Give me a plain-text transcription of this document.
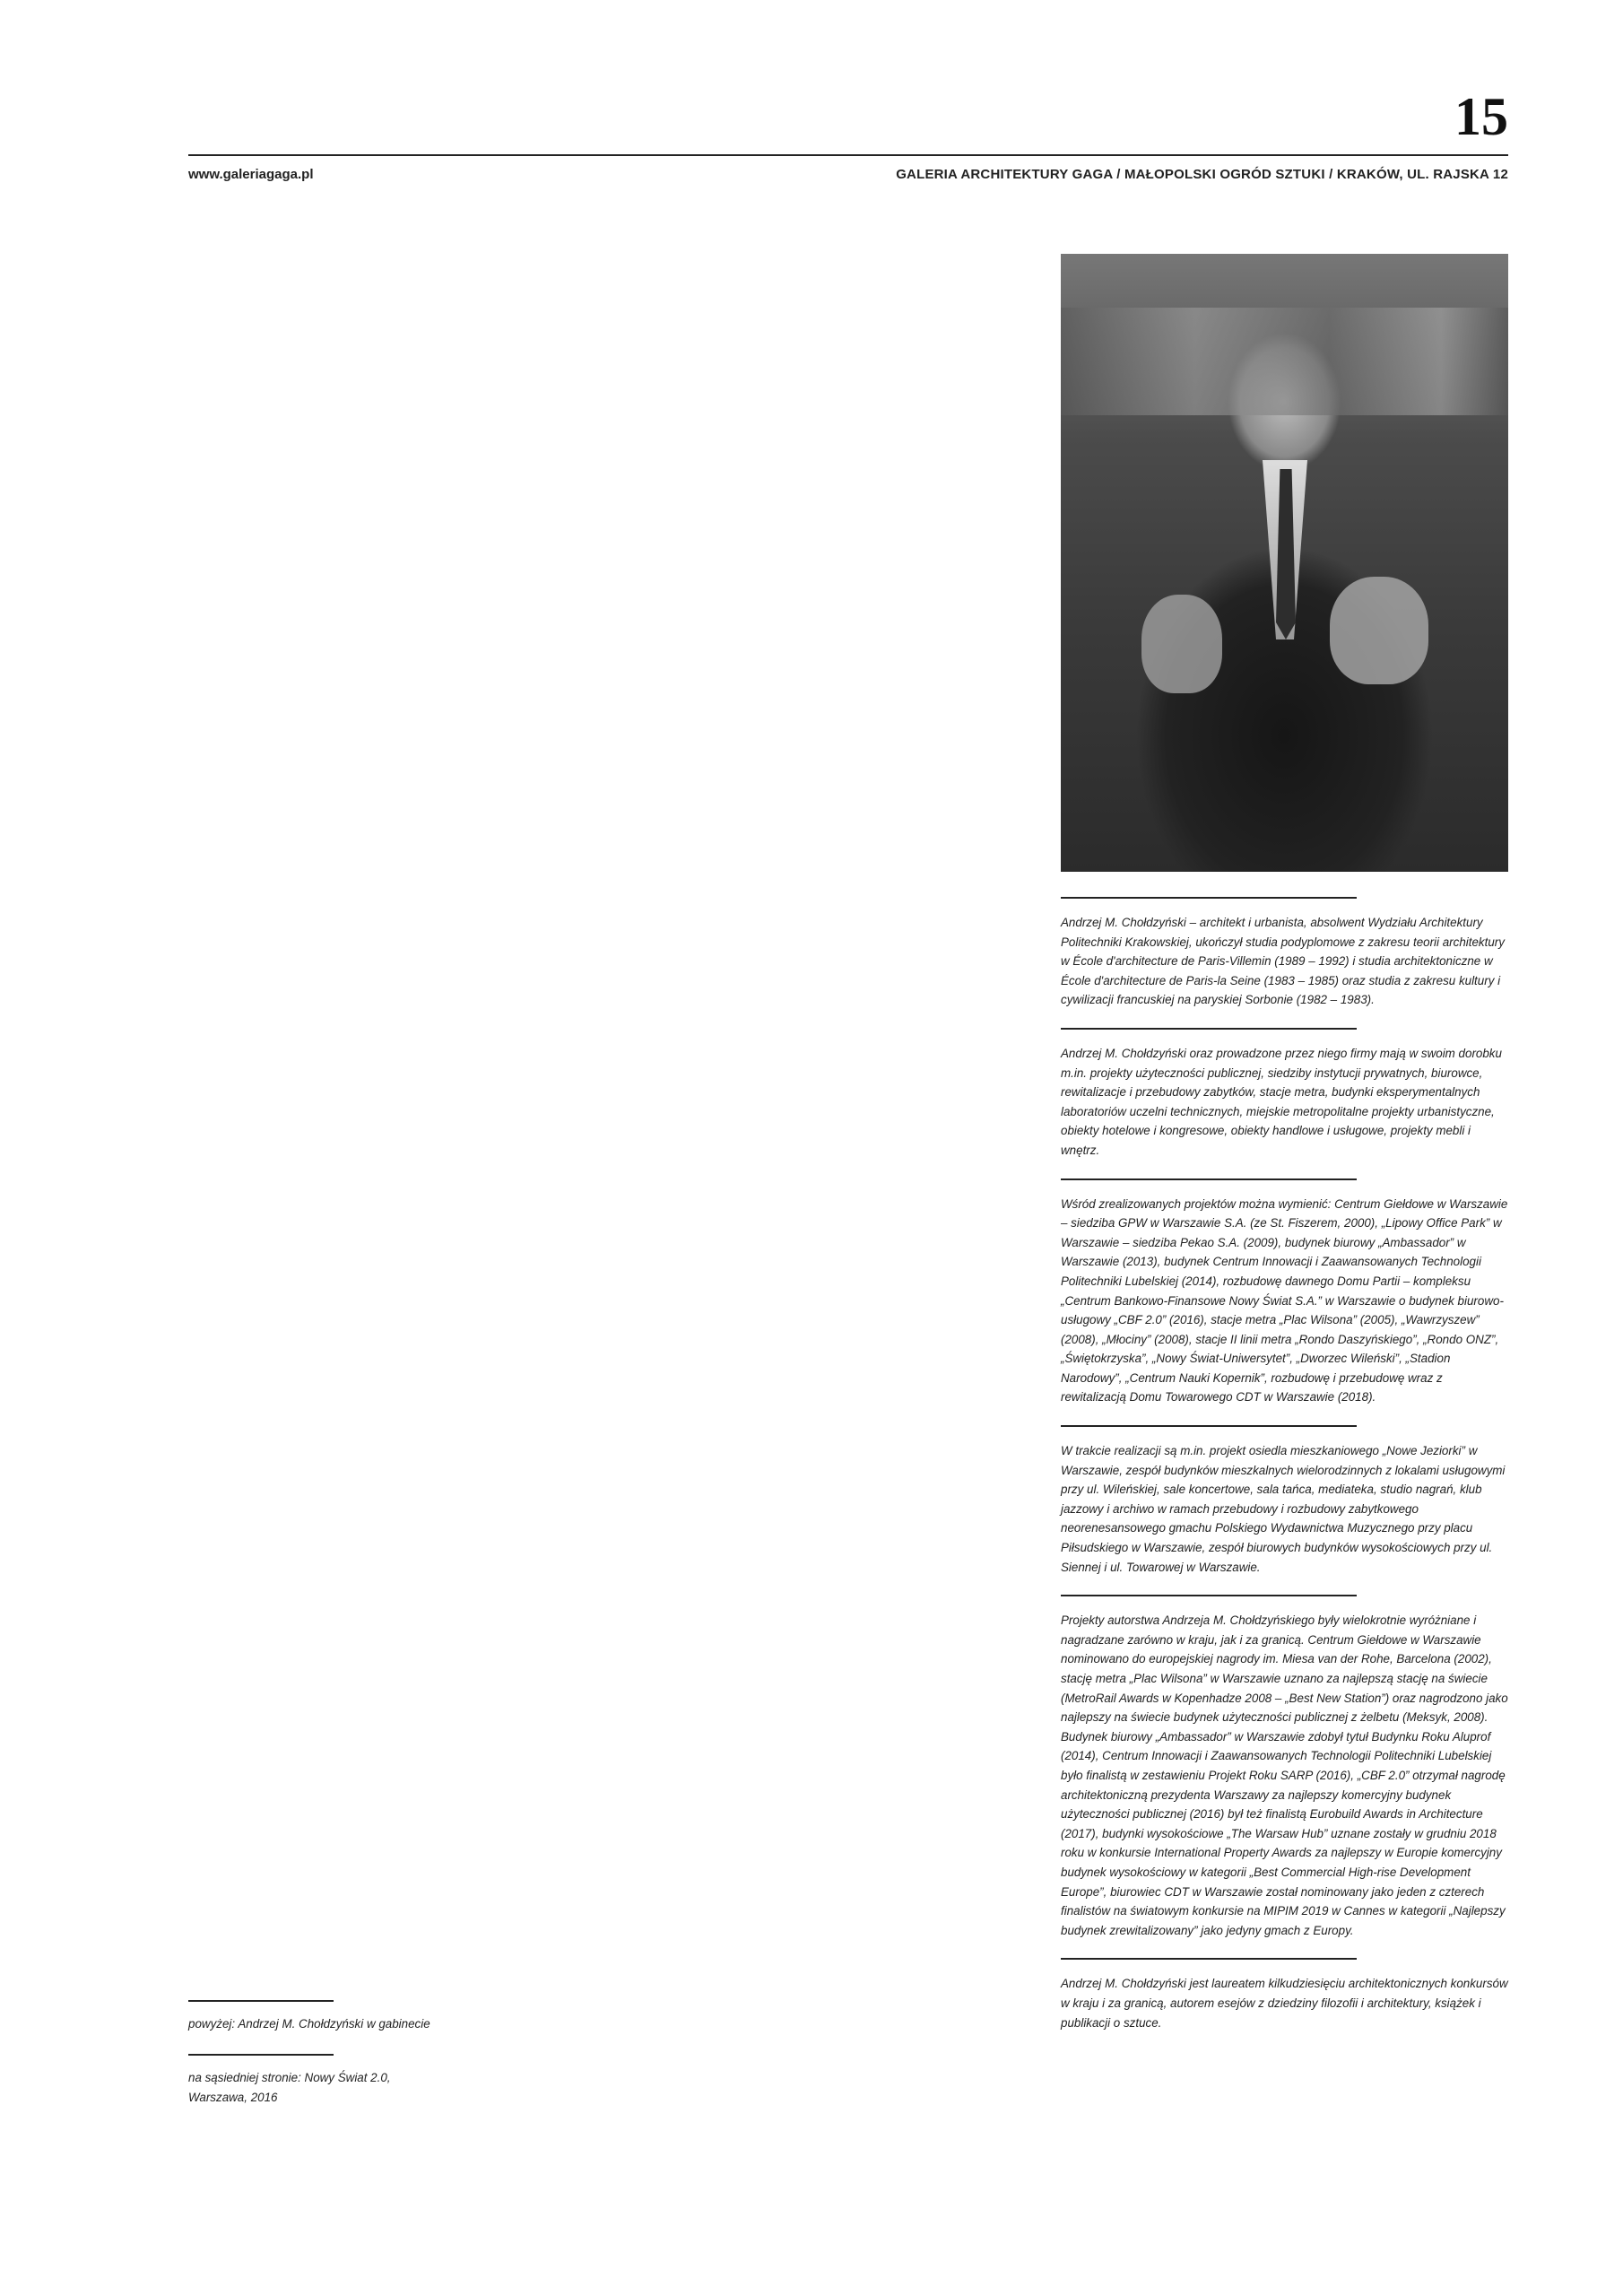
15
www.galeriagaga.pl	GALERIA ARCHITEKTURY GAGA / MAŁOPOLSKI OGRÓD SZTUKI / KRAKÓW, UL. RAJSKA 12

Andrzej M. Chołdzyński – architekt i urbanista, absolwent Wydziału Architektury Politechniki Krakowskiej, ukończył studia podyplomowe z zakresu teorii architektury w École d'architecture de Paris-Villemin (1989 – 1992) i studia architektoniczne w École d'architecture de Paris-la Seine (1983 – 1985) oraz studia z zakresu kultury i cywilizacji francuskiej na paryskiej Sorbonie (1982 – 1983).

Andrzej M. Chołdzyński oraz prowadzone przez niego firmy mają w swoim dorobku m.in. projekty użyteczności publicznej, siedziby instytucji prywatnych, biurowce, rewitalizacje i przebudowy zabytków, stacje metra, budynki eksperymentalnych laboratoriów uczelni technicznych, miejskie metropolitalne projekty urbanistyczne, obiekty hotelowe i kongresowe, obiekty handlowe i usługowe, projekty mebli i wnętrz.

Wśród zrealizowanych projektów można wymienić: Centrum Giełdowe w Warszawie – siedziba GPW w Warszawie S.A. (ze St. Fiszerem, 2000), „Lipowy Office Park” w Warszawie – siedziba Pekao S.A. (2009), budynek biurowy „Ambassador” w Warszawie (2013), budynek Centrum Innowacji i Zaawansowanych Technologii Politechniki Lubelskiej (2014), rozbudowę dawnego Domu Partii – kompleksu „Centrum Bankowo-Finansowe Nowy Świat S.A.” w Warszawie o budynek biurowo-usługowy „CBF 2.0” (2016), stacje metra „Plac Wilsona” (2005), „Wawrzyszew” (2008), „Młociny” (2008), stacje II linii metra „Rondo Daszyńskiego”, „Rondo ONZ”, „Świętokrzyska”, „Nowy Świat-Uniwersytet”, „Dworzec Wileński”, „Stadion Narodowy”, „Centrum Nauki Kopernik”, rozbudowę i przebudowę wraz z rewitalizacją Domu Towarowego CDT w Warszawie (2018).

W trakcie realizacji są m.in. projekt osiedla mieszkaniowego „Nowe Jeziorki” w Warszawie, zespół budynków mieszkalnych wielorodzinnych z lokalami usługowymi przy ul. Wileńskiej, sale koncertowe, sala tańca, mediateka, studio nagrań, klub jazzowy i archiwo w ramach przebudowy i rozbudowy zabytkowego neorenesansowego gmachu Polskiego Wydawnictwa Muzycznego przy placu Piłsudskiego w Warszawie, zespół biurowych budynków wysokościowych przy ul. Siennej i ul. Towarowej w Warszawie.

Projekty autorstwa Andrzeja M. Chołdzyńskiego były wielokrotnie wyróżniane i nagradzane zarówno w kraju, jak i za granicą. Centrum Giełdowe w Warszawie nominowano do europejskiej nagrody im. Miesa van der Rohe, Barcelona (2002), stację metra „Plac Wilsona” w Warszawie uznano za najlepszą stację na świecie (MetroRail Awards w Kopenhadze 2008 – „Best New Station”) oraz nagrodzono jako najlepszy na świecie budynek użyteczności publicznej z żelbetu (Meksyk, 2008). Budynek biurowy „Ambassador” w Warszawie zdobył tytuł Budynku Roku Aluprof (2014), Centrum Innowacji i Zaawansowanych Technologii Politechniki Lubelskiej było finalistą w zestawieniu Projekt Roku SARP (2016), „CBF 2.0” otrzymał nagrodę architektoniczną prezydenta Warszawy za najlepszy komercyjny budynek użyteczności publicznej (2016) był też finalistą Eurobuild Awards in Architecture (2017), budynki wysokościowe „The Warsaw Hub” uznane zostały w grudniu 2018 roku w konkursie International Property Awards za najlepszy w Europie komercyjny budynek wysokościowy w kategorii „Best Commercial High-rise Development Europe”, biurowiec CDT w Warszawie został nominowany jako jeden z czterech finalistów na światowym konkursie na MIPIM 2019 w Cannes w kategorii „Najlepszy budynek zrewitalizowany” jako jedyny gmach z Europy.

Andrzej M. Chołdzyński jest laureatem kilkudziesięciu architektonicznych konkursów w kraju i za granicą, autorem esejów z dziedziny filozofii i architektury, książek i publikacji o sztuce.

powyżej: Andrzej M. Chołdzyński w gabinecie
na sąsiedniej stronie: Nowy Świat 2.0,
Warszawa, 2016
